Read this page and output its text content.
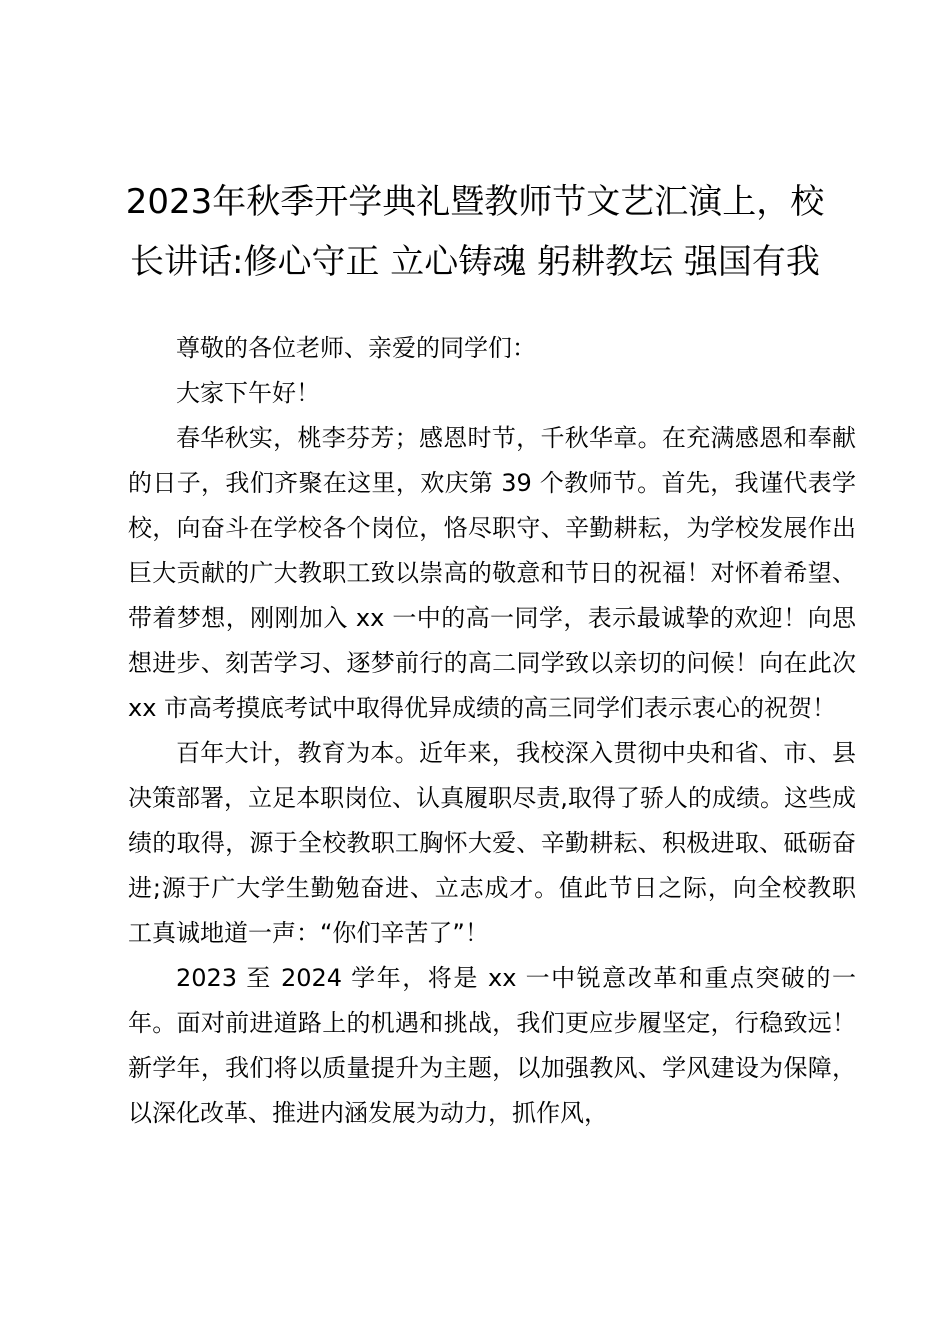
2023年秋季开学典礼暨教师节文艺汇演上，校长讲话:修心守正 立心铸魂 躬耕教坛 强国有我

尊敬的各位老师、亲爱的同学们：

大家下午好！

春华秋实，桃李芬芳；感恩时节，千秋华章。在充满感恩和奉献的日子，我们齐聚在这里，欢庆第 39 个教师节。首先，我谨代表学校，向奋斗在学校各个岗位，恪尽职守、辛勤耕耘，为学校发展作出巨大贡献的广大教职工致以崇高的敬意和节日的祝福！对怀着希望、带着梦想，刚刚加入 xx 一中的高一同学，表示最诚挚的欢迎！向思想进步、刻苦学习、逐梦前行的高二同学致以亲切的问候！向在此次 xx 市高考摸底考试中取得优异成绩的高三同学们表示衷心的祝贺！

百年大计，教育为本。近年来，我校深入贯彻中央和省、市、县决策部署，立足本职岗位、认真履职尽责,取得了骄人的成绩。这些成绩的取得，源于全校教职工胸怀大爱、辛勤耕耘、积极进取、砥砺奋进;源于广大学生勤勉奋进、立志成才。值此节日之际，向全校教职工真诚地道一声：“你们辛苦了”！

2023 至 2024 学年，将是 xx 一中锐意改革和重点突破的一年。面对前进道路上的机遇和挑战，我们更应步履坚定，行稳致远！新学年，我们将以质量提升为主题，以加强教风、学风建设为保障，以深化改革、推进内涵发展为动力，抓作风，
